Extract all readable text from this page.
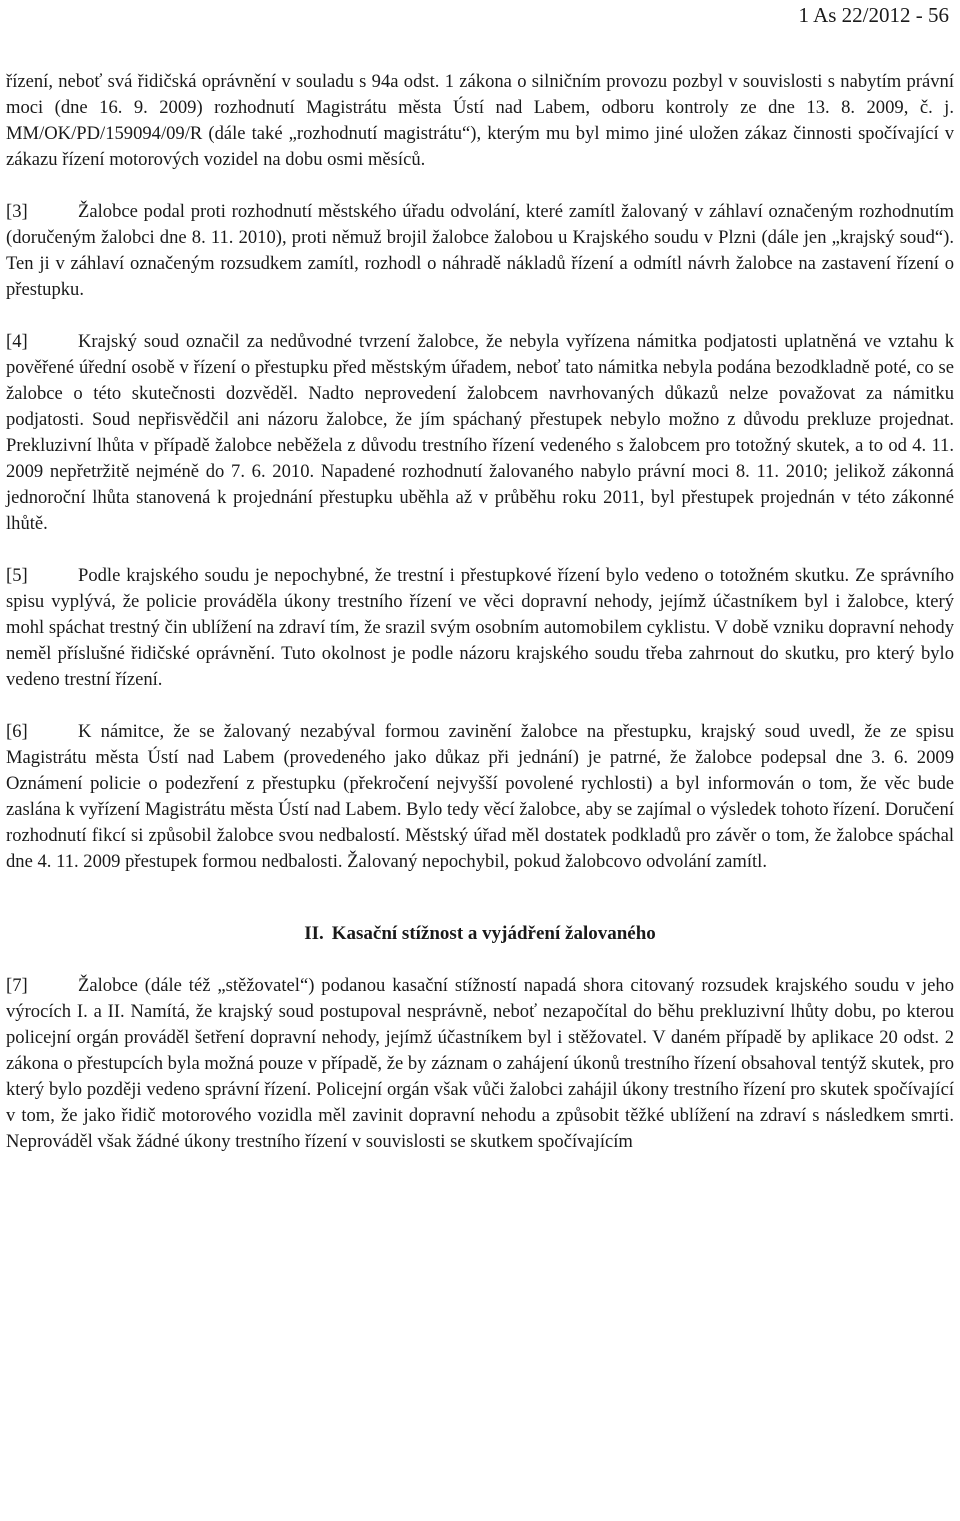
1 As 22/2012 - 56

řízení, neboť svá řidičská oprávnění v souladu s 94a odst. 1 zákona o silničním provozu pozbyl v souvislosti s nabytím právní moci (dne 16. 9. 2009) rozhodnutí Magistrátu města Ústí nad Labem, odboru kontroly ze dne 13. 8. 2009, č. j. MM/OK/PD/159094/09/R (dále také „rozhodnutí magistrátu“), kterým mu byl mimo jiné uložen zákaz činnosti spočívající v zákazu řízení motorových vozidel na dobu osmi měsíců.

[3]	Žalobce podal proti rozhodnutí městského úřadu odvolání, které zamítl žalovaný v záhlaví označeným rozhodnutím (doručeným žalobci dne 8. 11. 2010), proti němuž brojil žalobce žalobou u Krajského soudu v Plzni (dále jen „krajský soud“). Ten ji v záhlaví označeným rozsudkem zamítl, rozhodl o náhradě nákladů řízení a odmítl návrh žalobce na zastavení řízení o přestupku.

[4]	Krajský soud označil za nedůvodné tvrzení žalobce, že nebyla vyřízena námitka podjatosti uplatněná ve vztahu k pověřené úřední osobě v řízení o přestupku před městským úřadem, neboť tato námitka nebyla podána bezodkladně poté, co se žalobce o této skutečnosti dozvěděl. Nadto neprovedení žalobcem navrhovaných důkazů nelze považovat za námitku podjatosti. Soud nepřisvědčil ani názoru žalobce, že jím spáchaný přestupek nebylo možno z důvodu prekluze projednat. Prekluzivní lhůta v případě žalobce neběžela z důvodu trestního řízení vedeného s žalobcem pro totožný skutek, a to od 4. 11. 2009 nepřetržitě nejméně do 7. 6. 2010. Napadené rozhodnutí žalovaného nabylo právní moci 8. 11. 2010; jelikož zákonná jednoroční lhůta stanovená k projednání přestupku uběhla až v průběhu roku 2011, byl přestupek projednán v této zákonné lhůtě.

[5]	Podle krajského soudu je nepochybné, že trestní i přestupkové řízení bylo vedeno o totožném skutku. Ze správního spisu vyplývá, že policie prováděla úkony trestního řízení ve věci dopravní nehody, jejímž účastníkem byl i žalobce, který mohl spáchat trestný čin ublížení na zdraví tím, že srazil svým osobním automobilem cyklistu. V době vzniku dopravní nehody neměl příslušné řidičské oprávnění. Tuto okolnost je podle názoru krajského soudu třeba zahrnout do skutku, pro který bylo vedeno trestní řízení.

[6]	K námitce, že se žalovaný nezabýval formou zavinění žalobce na přestupku, krajský soud uvedl, že ze spisu Magistrátu města Ústí nad Labem (provedeného jako důkaz při jednání) je patrné, že žalobce podepsal dne 3. 6. 2009 Oznámení policie o podezření z přestupku (překročení nejvyšší povolené rychlosti) a byl informován o tom, že věc bude zaslána k vyřízení Magistrátu města Ústí nad Labem. Bylo tedy věcí žalobce, aby se zajímal o výsledek tohoto řízení. Doručení rozhodnutí fikcí si způsobil žalobce svou nedbalostí. Městský úřad měl dostatek podkladů pro závěr o tom, že žalobce spáchal dne 4. 11. 2009 přestupek formou nedbalosti. Žalovaný nepochybil, pokud žalobcovo odvolání zamítl.

II. Kasační stížnost a vyjádření žalovaného

[7]	Žalobce (dále též „stěžovatel“) podanou kasační stížností napadá shora citovaný rozsudek krajského soudu v jeho výrocích I. a II. Namítá, že krajský soud postupoval nesprávně, neboť nezapočítal do běhu prekluzivní lhůty dobu, po kterou policejní orgán prováděl šetření dopravní nehody, jejímž účastníkem byl i stěžovatel. V daném případě by aplikace 20 odst. 2 zákona o přestupcích byla možná pouze v případě, že by záznam o zahájení úkonů trestního řízení obsahoval tentýž skutek, pro který bylo později vedeno správní řízení. Policejní orgán však vůči žalobci zahájil úkony trestního řízení pro skutek spočívající v tom, že jako řidič motorového vozidla měl zavinit dopravní nehodu a způsobit těžké ublížení na zdraví s následkem smrti. Neprováděl však žádné úkony trestního řízení v souvislosti se skutkem spočívajícím
